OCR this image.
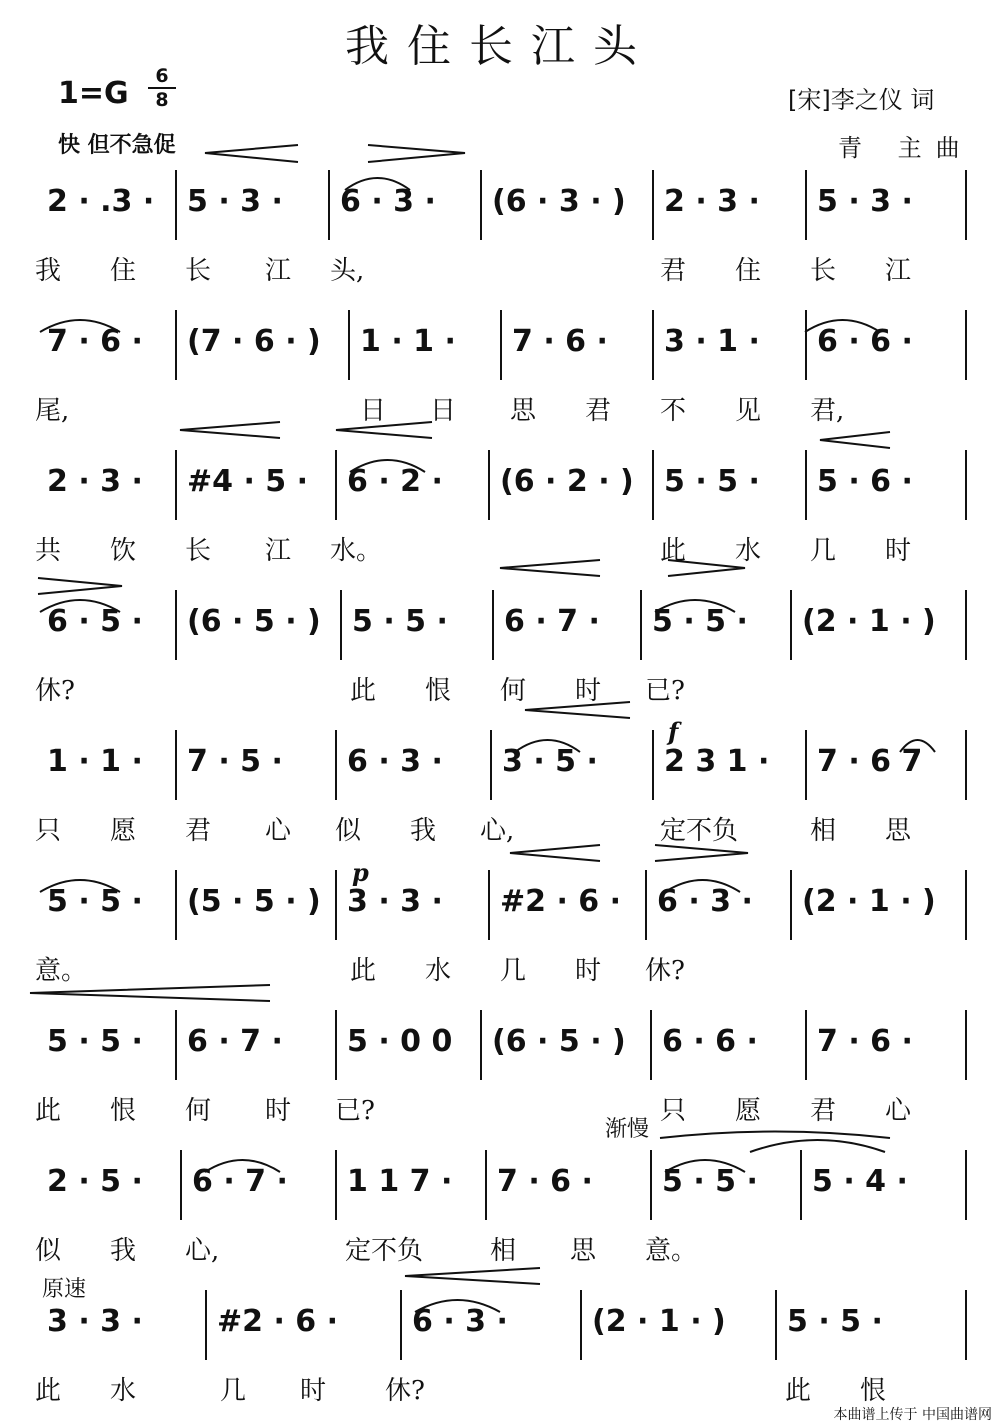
我住长江头
1=G	6
8
快 但不急促
[宋]李之仪 词
青 主曲
2 · .3 ·	5 · 3 ·	6 · 3 ·	(6 · 3 · )	2 · 3 ·	5 · 3 ·
我 住 长 江 头,	君 住 长 江
7 · 6 ·	(7 · 6 · )	1 · 1 ·	7 · 6 ·	3 · 1 ·	6 · 6 ·
尾,	日 日 思 君 不 见 君,
2 · 3 ·	#4 · 5 ·	6 · 2 ·	(6 · 2 · )	5 · 5 ·	5 · 6 ·
共 饮 长 江 水。	此 水 几 时
6 · 5 ·	(6 · 5 · )	5 · 5 ·	6 · 7 ·	5 · 5 ·	(2 · 1 · )
休?	此 恨 何 时 已?
1 · 1 ·	7 · 5 ·	6 · 3 ·	3 · 5 ·	2 3 1 ·	7 · 6 7
只 愿 君 心 似 我 心,	定不负	相 思
5 · 5 ·	(5 · 5 · ) 3 · 3 ·	#2 · 6 ·	6 · 3 ·	(2 · 1 · )
意。	此 水 几 时 休?
5 · 5 ·	6 · 7 ·	5 · 0 0	(6 · 5 · )	6 · 6 ·	7 · 6 ·
此 恨 何 时 已?	只 愿 君 心
2 · 5 ·	6 · 7 ·	1 1 7 ·	7 · 6 ·	5 · 5 ·	5 · 4 ·
似 我 心,	定不负	相 思 意。
3 · 3 ·	#2 · 6 ·	6 · 3 ·	(2 · 1 · )	5 · 5 ·
此 水	几 时 休?	此 恨
f
p
渐慢
原速
本曲谱上传于 中国曲谱网
